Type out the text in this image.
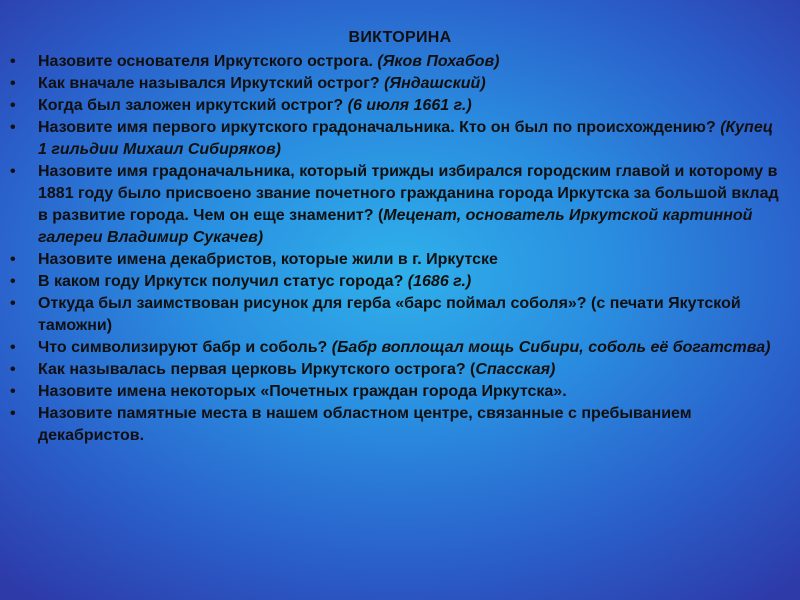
ВИКТОРИНА
•	Назовите основателя Иркутского острога. (Яков Похабов)
•	Как вначале назывался Иркутский острог? (Яндашский)
•	Когда был заложен иркутский острог? (6 июля 1661 г.)
•	Назовите имя первого иркутского градоначальника. Кто он был по происхождению? (Купец 1 гильдии Михаил Сибиряков)
•	Назовите имя градоначальника, который трижды избирался городским главой и которому в 1881 году было присвоено звание почетного гражданина города Иркутска за большой вклад в развитие города. Чем он еще знаменит? (Меценат, основатель Иркутской картинной галереи Владимир Сукачев)
•	Назовите имена декабристов, которые жили в г. Иркутске
•	В каком году Иркутск получил статус города? (1686 г.)
•	Откуда был заимствован рисунок для герба «барс поймал соболя»? (с печати Якутской таможни)
•	Что символизируют бабр и соболь? (Бабр воплощал мощь Сибири, соболь её богатства)
•	Как называлась первая церковь Иркутского острога? (Спасская)
•	Назовите имена некоторых «Почетных граждан города Иркутска».
•	Назовите памятные места в нашем областном центре, связанные с пребыванием декабристов.
